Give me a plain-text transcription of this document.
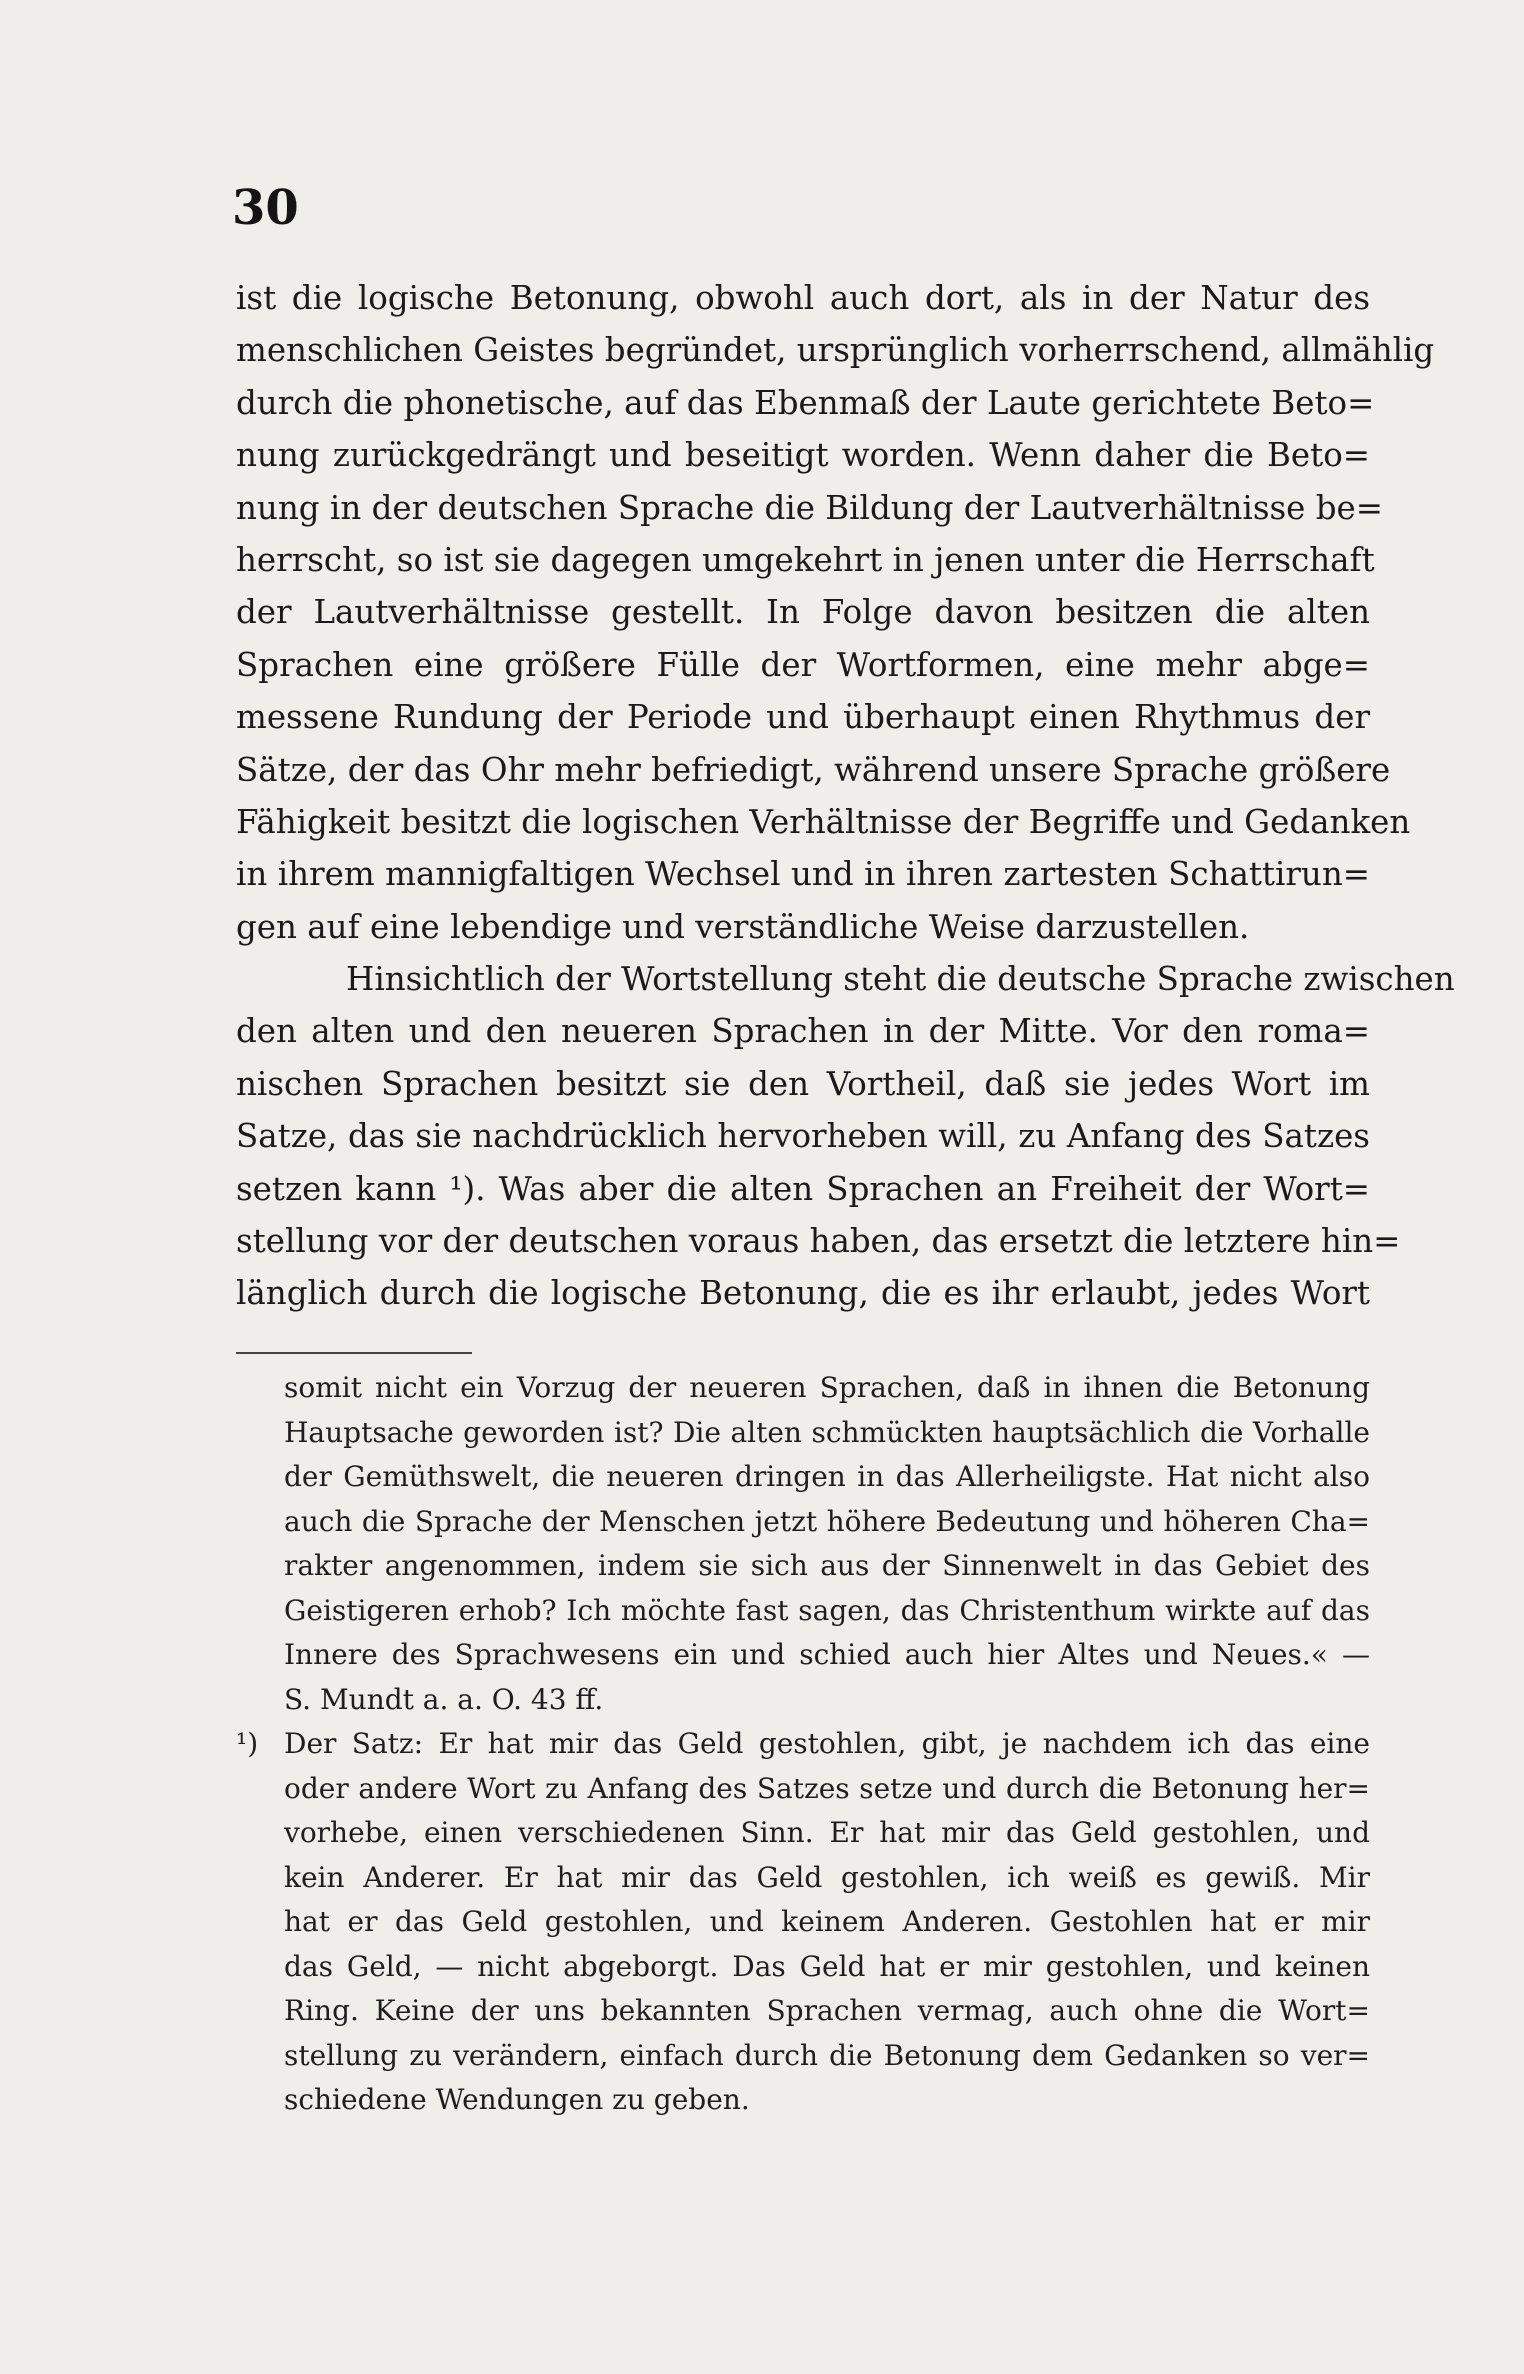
30
ist die logische Betonung, obwohl auch dort, als in der Natur des
menschlichen Geistes begründet, ursprünglich vorherrschend, allmählig
durch die phonetische, auf das Ebenmaß der Laute gerichtete Beto=
nung zurückgedrängt und beseitigt worden. Wenn daher die Beto=
nung in der deutschen Sprache die Bildung der Lautverhältnisse be=
herrscht, so ist sie dagegen umgekehrt in jenen unter die Herrschaft
der Lautverhältnisse gestellt. In Folge davon besitzen die alten
Sprachen eine größere Fülle der Wortformen, eine mehr abge=
messene Rundung der Periode und überhaupt einen Rhythmus der
Sätze, der das Ohr mehr befriedigt, während unsere Sprache größere
Fähigkeit besitzt die logischen Verhältnisse der Begriffe und Gedanken
in ihrem mannigfaltigen Wechsel und in ihren zartesten Schattirun=
gen auf eine lebendige und verständliche Weise darzustellen.
Hinsichtlich der Wortstellung steht die deutsche Sprache zwischen
den alten und den neueren Sprachen in der Mitte. Vor den roma=
nischen Sprachen besitzt sie den Vortheil, daß sie jedes Wort im
Satze, das sie nachdrücklich hervorheben will, zu Anfang des Satzes
setzen kann ¹). Was aber die alten Sprachen an Freiheit der Wort=
stellung vor der deutschen voraus haben, das ersetzt die letztere hin=
länglich durch die logische Betonung, die es ihr erlaubt, jedes Wort
somit nicht ein Vorzug der neueren Sprachen, daß in ihnen die Betonung
Hauptsache geworden ist? Die alten schmückten hauptsächlich die Vorhalle
der Gemüthswelt, die neueren dringen in das Allerheiligste. Hat nicht also
auch die Sprache der Menschen jetzt höhere Bedeutung und höheren Cha=
rakter angenommen, indem sie sich aus der Sinnenwelt in das Gebiet des
Geistigeren erhob? Ich möchte fast sagen, das Christenthum wirkte auf das
Innere des Sprachwesens ein und schied auch hier Altes und Neues.« —
S. Mundt a. a. O. 43 ff.
¹) Der Satz: Er hat mir das Geld gestohlen, gibt, je nachdem ich das eine
oder andere Wort zu Anfang des Satzes setze und durch die Betonung her=
vorhebe, einen verschiedenen Sinn. Er hat mir das Geld gestohlen, und
kein Anderer. Er hat mir das Geld gestohlen, ich weiß es gewiß. Mir
hat er das Geld gestohlen, und keinem Anderen. Gestohlen hat er mir
das Geld, — nicht abgeborgt. Das Geld hat er mir gestohlen, und keinen
Ring. Keine der uns bekannten Sprachen vermag, auch ohne die Wort=
stellung zu verändern, einfach durch die Betonung dem Gedanken so ver=
schiedene Wendungen zu geben.
